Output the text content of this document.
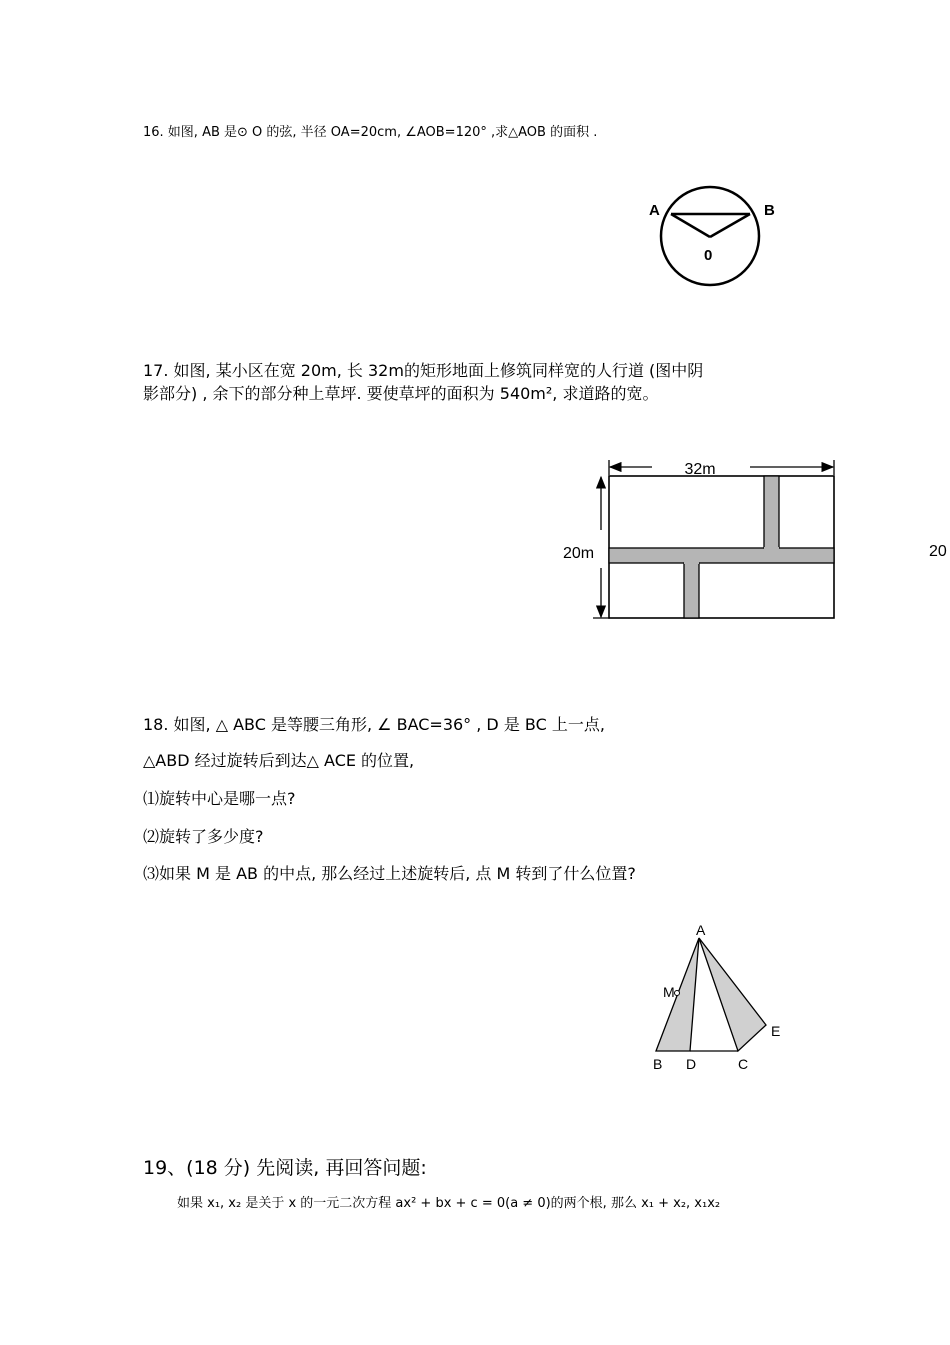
16. 如图, AB 是⊙ O 的弦, 半径 OA=20cm, ∠AOB=120° ,求△AOB 的面积 .
A	B
0
17. 如图, 某小区在宽 20m, 长 32m的矩形地面上修筑同样宽的人行道 (图中阴
影部分) , 余下的部分种上草坪. 要使草坪的面积为 540m², 求道路的宽。
32m
20m	20
18. 如图, △ ABC 是等腰三角形, ∠ BAC=36° , D 是 BC 上一点,
△ABD 经过旋转后到达△ ACE 的位置,
⑴旋转中心是哪一点?
⑵旋转了多少度?
⑶如果 M 是 AB 的中点, 那么经过上述旋转后, 点 M 转到了什么位置?
A
M
E
B D	C
19、(18 分) 先阅读, 再回答问题:
如果 x₁, x₂ 是关于 x 的一元二次方程 ax² + bx + c = 0(a ≠ 0)的两个根, 那么 x₁ + x₂, x₁x₂
